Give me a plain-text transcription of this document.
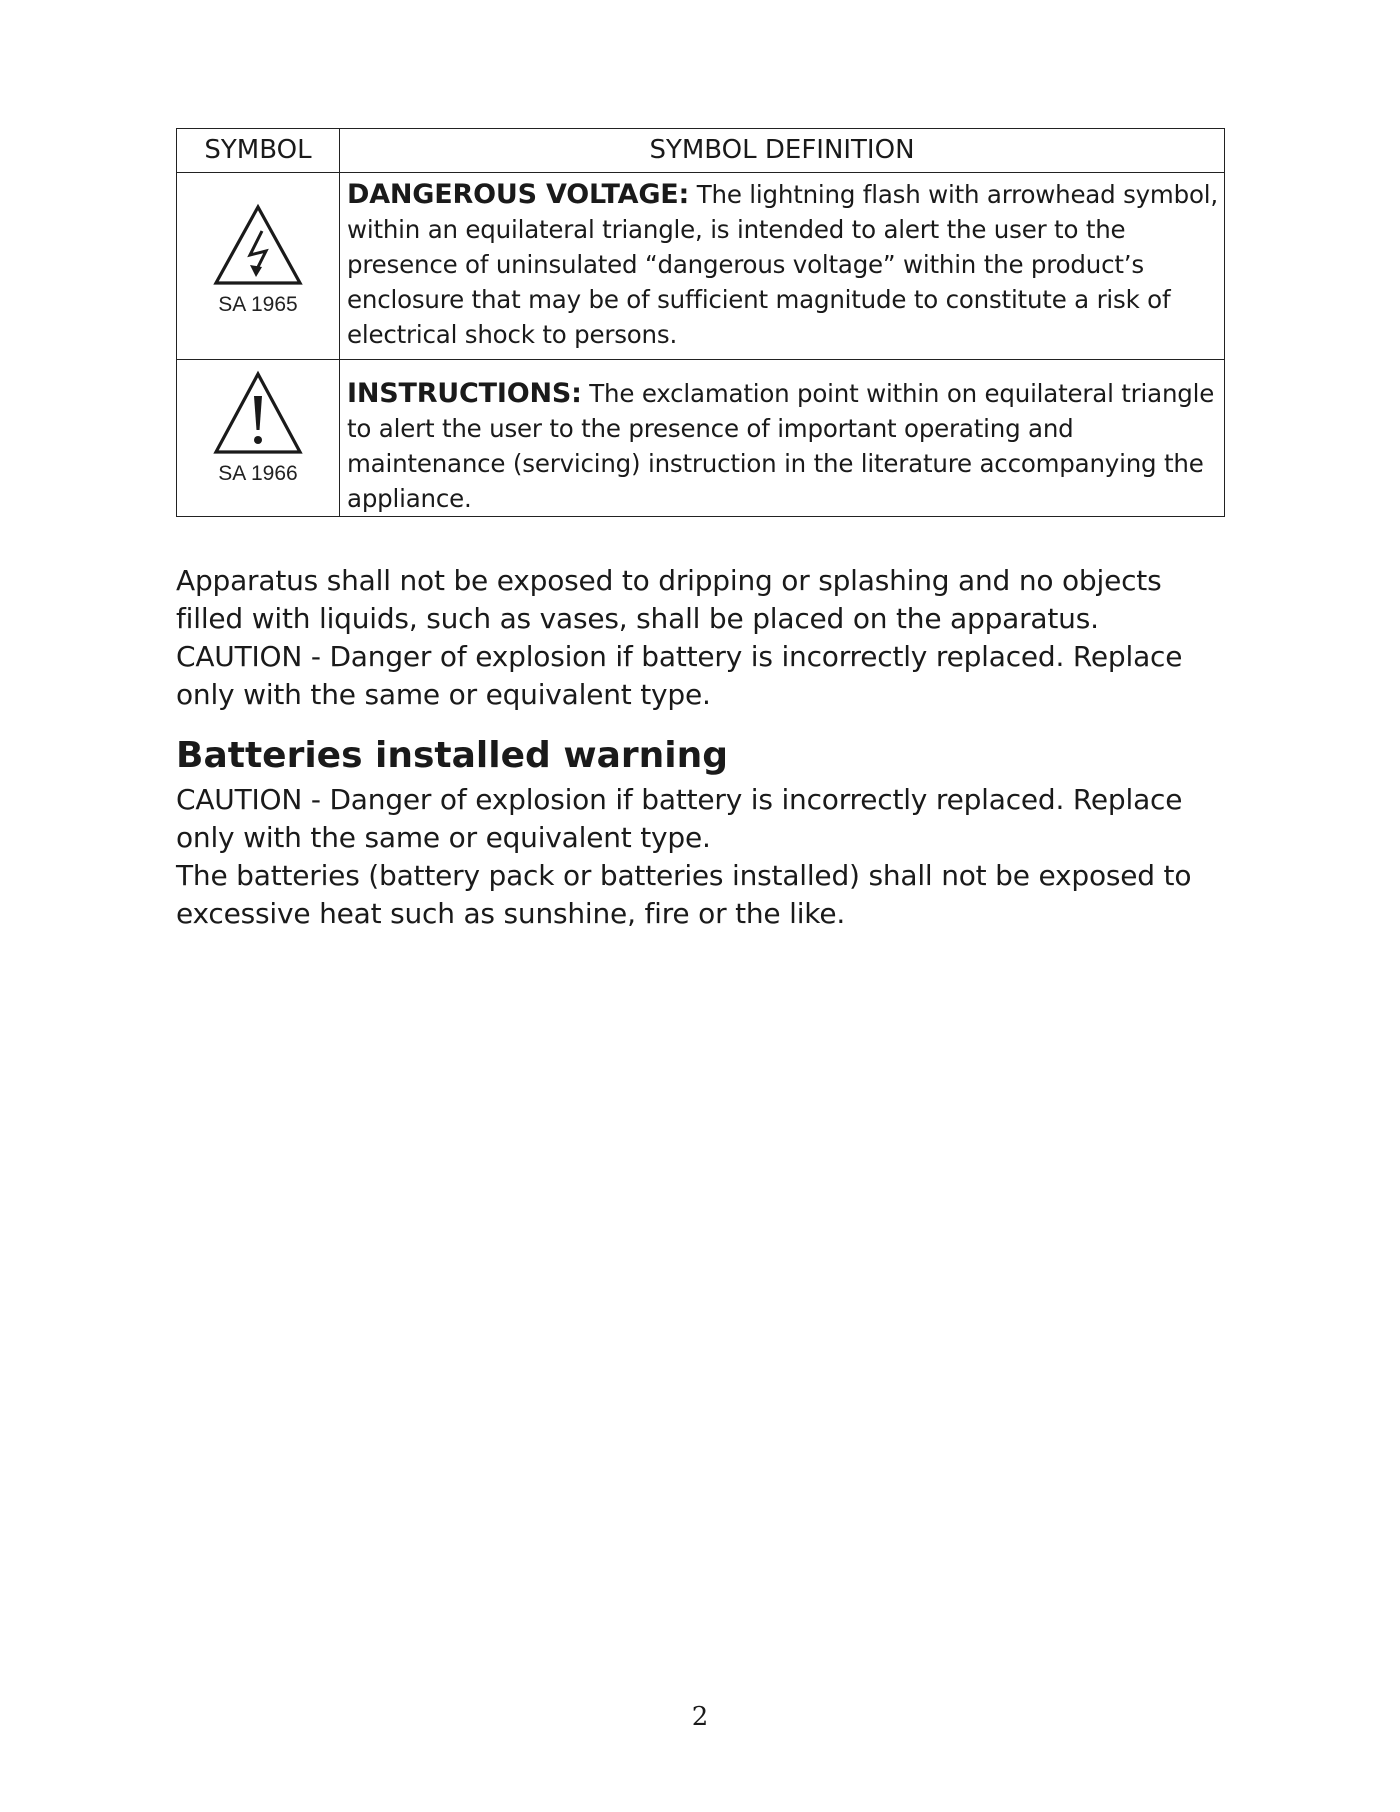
SYMBOL	SYMBOL DEFINITION

SA 1965	DANGEROUS VOLTAGE: The lightning flash with arrowhead symbol, within an equilateral triangle, is intended to alert the user to the presence of uninsulated “dangerous voltage” within the product’s enclosure that may be of sufficient magnitude to constitute a risk of electrical shock to persons.

SA 1966	INSTRUCTIONS: The exclamation point within on equilateral triangle to alert the user to the presence of important operating and maintenance (servicing) instruction in the literature accompanying the appliance.

Apparatus shall not be exposed to dripping or splashing and no objects filled with liquids, such as vases, shall be placed on the apparatus.

CAUTION - Danger of explosion if battery is incorrectly replaced. Replace only with the same or equivalent type.

Batteries installed warning

CAUTION - Danger of explosion if battery is incorrectly replaced. Replace only with the same or equivalent type.

The batteries (battery pack or batteries installed) shall not be exposed to excessive heat such as sunshine, fire or the like.

2
